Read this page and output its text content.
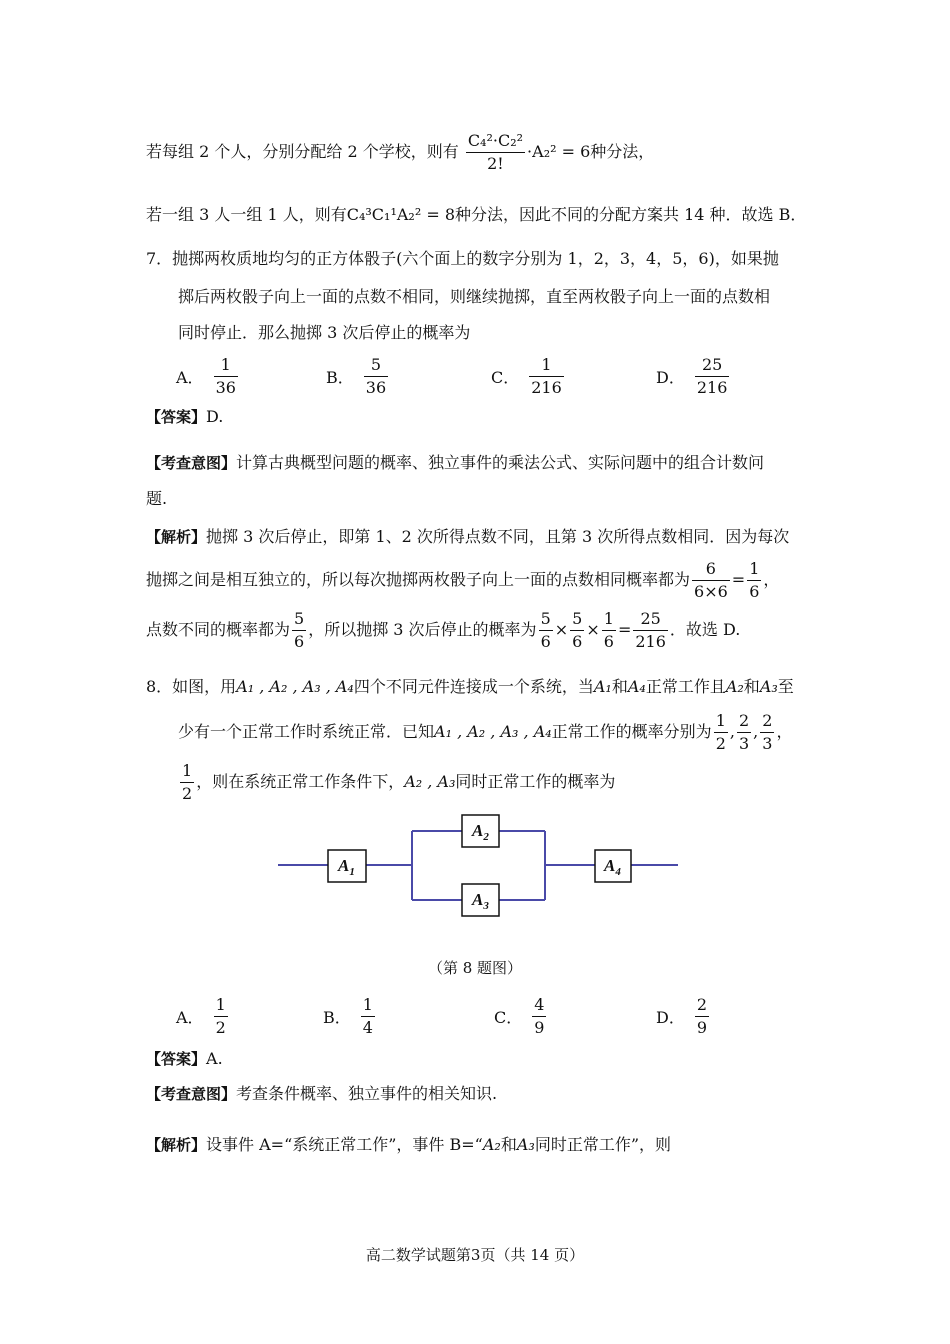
若每组 2 个人，分别分配给 2 个学校，则有 $\frac{\text{C₄²·C₂²}}{2!} \cdot A_2^2 = 6$种分法，
若一组 3 人一组 1 人，则有C₄³C₁¹A₂² = 8种分法，因此不同的分配方案共 14 种．故选 B．
7．抛掷两枚质地均匀的正方体骰子(六个面上的数字分别为 1，2，3，4，5，6)，如果抛
掷后两枚骰子向上一面的点数不相同，则继续抛掷，直至两枚骰子向上一面的点数相
同时停止．那么抛掷 3 次后停止的概率为
A． $\frac{1}{36}$	B． $\frac{5}{36}$	C． $\frac{1}{216}$	D． $\frac{25}{216}$
【答案】D.
【考查意图】计算古典概型问题的概率、独立事件的乘法公式、实际问题中的组合计数问
题.
【解析】抛掷 3 次后停止，即第 1、2 次所得点数不同，且第 3 次所得点数相同．因为每次
抛掷之间是相互独立的，所以每次抛掷两枚骰子向上一面的点数相同概率都为 $\frac{6}{6\times 6} = \frac{1}{6}$ ，
点数不同的概率都为 $\frac{5}{6}$ ，所以抛掷 3 次后停止的概率为 $\frac{5}{6} \times \frac{5}{6} \times \frac{1}{6} = \frac{25}{216}$ ．故选 D.
8．如图，用A₁ , A₂ , A₃ , A₄四个不同元件连接成一个系统，当A₁和A₄正常工作且A₂和A₃至
少有一个正常工作时系统正常．已知A₁ , A₂ , A₃ , A₄正常工作的概率分别为 $\frac{1}{2}$ , $\frac{2}{3}$ , $\frac{2}{3}$ ，
$\frac{1}{2}$ ，则在系统正常工作条件下，A₂ , A₃同时正常工作的概率为
$A_1$
$A_2$
$A_3$
$A_4$
（第 8 题图）
A． $\frac{1}{2}$	B． $\frac{1}{4}$	C． $\frac{4}{9}$	D． $\frac{2}{9}$
【答案】A.
【考查意图】考查条件概率、独立事件的相关知识.
【解析】设事件 A=“系统正常工作”，事件 B=“A₂和A₃同时正常工作”，则
高二数学试题第3页（共 14 页）
